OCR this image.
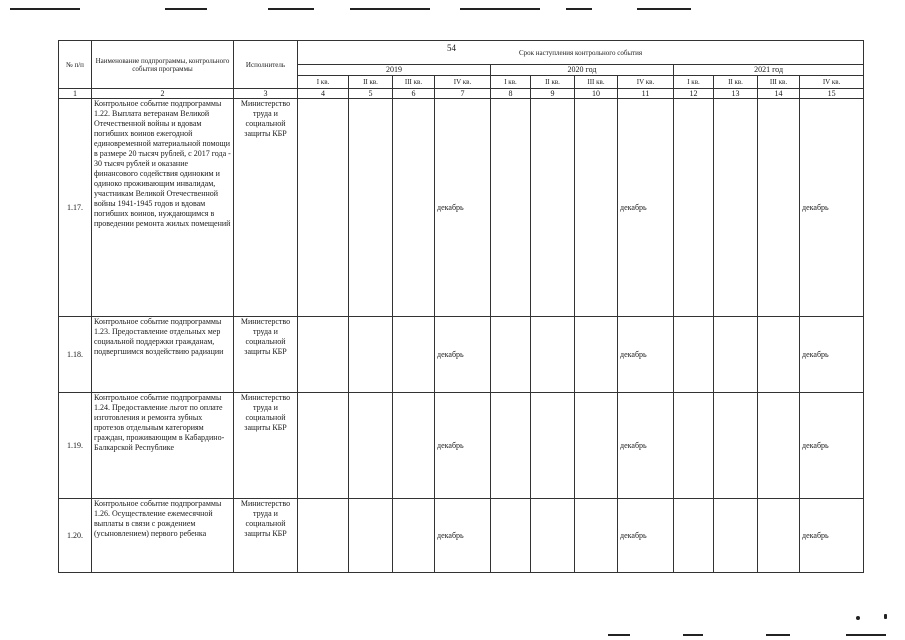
54
№ п/п	Наименование подпрограммы, контрольного события программы	Исполнитель	Срок наступления контрольного события											
			2019				2020 год				2021 год			
			I кв.	II кв.	III кв.	IV кв.	I кв.	II кв.	III кв.	IV кв.	I кв.	II кв.	III кв.	IV кв.
1	2	3	4	5	6	7	8	9	10	11	12	13	14	15
1.17.	Контрольное событие подпрограммы 1.22. Выплата ветеранам Великой Отечественной войны и вдовам погибших воинов ежегодной единовременной материальной помощи в размере 20 тысяч рублей, с 2017 года - 30 тысяч рублей и оказание финансового содействия одиноким и одиноко проживающим инвалидам, участникам Великой Отечественной войны 1941-1945 годов и вдовам погибших воинов, нуждающимся в проведении ремонта жилых помещений	Министерство труда и социальной защиты КБР				декабрь				декабрь				декабрь
1.18.	Контрольное событие подпрограммы 1.23. Предоставление отдельных мер социальной поддержки гражданам, подвергшимся воздействию радиации	Министерство труда и социальной защиты КБР				декабрь				декабрь				декабрь
1.19.	Контрольное событие подпрограммы 1.24. Предоставление льгот по оплате изготовления и ремонта зубных протезов отдельным категориям граждан, проживающим в Кабардино-Балкарской Республике	Министерство труда и социальной защиты КБР				декабрь				декабрь				декабрь
1.20.	Контрольное событие подпрограммы 1.26. Осуществление ежемесячной выплаты в связи с рождением (усыновлением) первого ребенка	Министерство труда и социальной защиты КБР				декабрь				декабрь				декабрь
